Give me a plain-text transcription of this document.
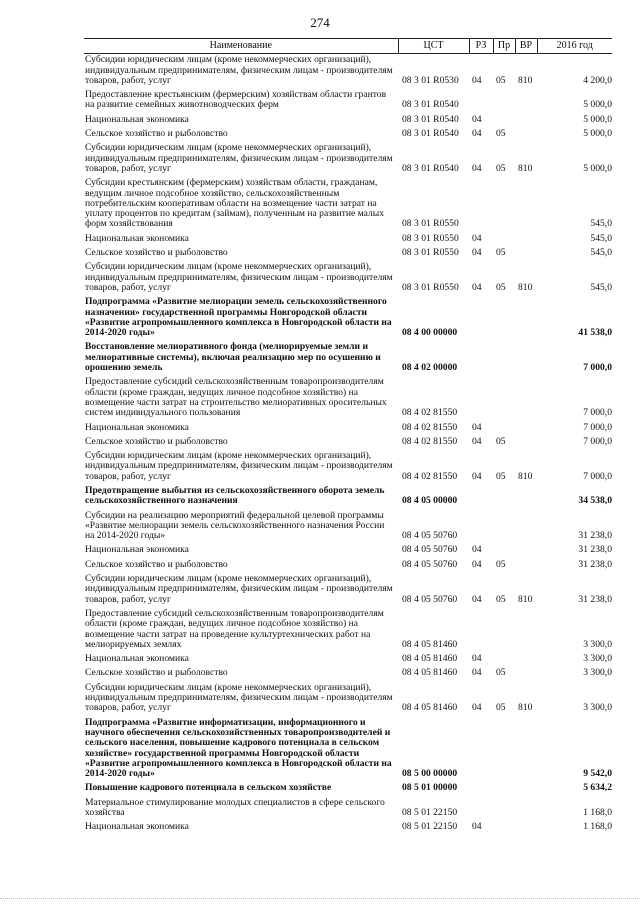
274
Наименование	ЦСТ	РЗ	Пр	ВР	2016 год
Субсидии юридическим лицам (кроме некоммерческих организаций), индивидуальным предпринимателям, физическим лицам - производителям товаров, работ, услуг	08 3 01 R0530	04	05	810	4 200,0
Предоставление крестьянским (фермерским) хозяйствам области грантов на развитие семейных животноводческих ферм	08 3 01 R0540				5 000,0
Национальная экономика	08 3 01 R0540	04			5 000,0
Сельское хозяйство и рыболовство	08 3 01 R0540	04	05		5 000,0
Субсидии юридическим лицам (кроме некоммерческих организаций), индивидуальным предпринимателям, физическим лицам - производителям товаров, работ, услуг	08 3 01 R0540	04	05	810	5 000,0
Субсидии крестьянским (фермерским) хозяйствам области, гражданам, ведущим личное подсобное хозяйство, сельскохозяйственным потребительским кооперативам области на возмещение части затрат на уплату процентов по кредитам (займам), полученным на развитие малых форм хозяйствования	08 3 01 R0550				545,0
Национальная экономика	08 3 01 R0550	04			545,0
Сельское хозяйство и рыболовство	08 3 01 R0550	04	05		545,0
Субсидии юридическим лицам (кроме некоммерческих организаций), индивидуальным предпринимателям, физическим лицам - производителям товаров, работ, услуг	08 3 01 R0550	04	05	810	545,0
Подпрограмма «Развитие мелиорации земель сельскохозяйственного назначения» государственной программы Новгородской области «Развитие агропромышленного комплекса в Новгородской области на 2014-2020 годы»	08 4 00 00000				41 538,0
Восстановление мелиоративного фонда (мелиорируемые земли и мелиоративные системы), включая реализацию мер по осушению и орошению земель	08 4 02 00000				7 000,0
Предоставление субсидий сельскохозяйственным товаропроизводителям области (кроме граждан, ведущих личное подсобное хозяйство) на возмещение части затрат на строительство мелиоративных оросительных систем индивидуального пользования	08 4 02 81550				7 000,0
Национальная экономика	08 4 02 81550	04			7 000,0
Сельское хозяйство и рыболовство	08 4 02 81550	04	05		7 000,0
Субсидии юридическим лицам (кроме некоммерческих организаций), индивидуальным предпринимателям, физическим лицам - производителям товаров, работ, услуг	08 4 02 81550	04	05	810	7 000,0
Предотвращение выбытия из сельскохозяйственного оборота земель сельскохозяйственного назначения	08 4 05 00000				34 538,0
Субсидии на реализацию мероприятий федеральной целевой программы «Развитие мелиорации земель сельскохозяйственного назначения России на 2014-2020 годы»	08 4 05 50760				31 238,0
Национальная экономика	08 4 05 50760	04			31 238,0
Сельское хозяйство и рыболовство	08 4 05 50760	04	05		31 238,0
Субсидии юридическим лицам (кроме некоммерческих организаций), индивидуальным предпринимателям, физическим лицам - производителям товаров, работ, услуг	08 4 05 50760	04	05	810	31 238,0
Предоставление субсидий сельскохозяйственным товаропроизводителям области (кроме граждан, ведущих личное подсобное хозяйство) на возмещение части затрат на проведение культуртехнических работ на мелиорируемых землях	08 4 05 81460				3 300,0
Национальная экономика	08 4 05 81460	04			3 300,0
Сельское хозяйство и рыболовство	08 4 05 81460	04	05		3 300,0
Субсидии юридическим лицам (кроме некоммерческих организаций), индивидуальным предпринимателям, физическим лицам - производителям товаров, работ, услуг	08 4 05 81460	04	05	810	3 300,0
Подпрограмма «Развитие информатизации, информационного и научного обеспечения сельскохозяйственных товаропроизводителей и сельского населения, повышение кадрового потенциала в сельском хозяйстве» государственной программы Новгородской области «Развитие агропромышленного комплекса в Новгородской области на 2014-2020 годы»	08 5 00 00000				9 542,0
Повышение кадрового потенциала в сельском хозяйстве	08 5 01 00000				5 634,2
Материальное стимулирование молодых специалистов в сфере сельского хозяйства	08 5 01 22150				1 168,0
Национальная экономика	08 5 01 22150	04			1 168,0
